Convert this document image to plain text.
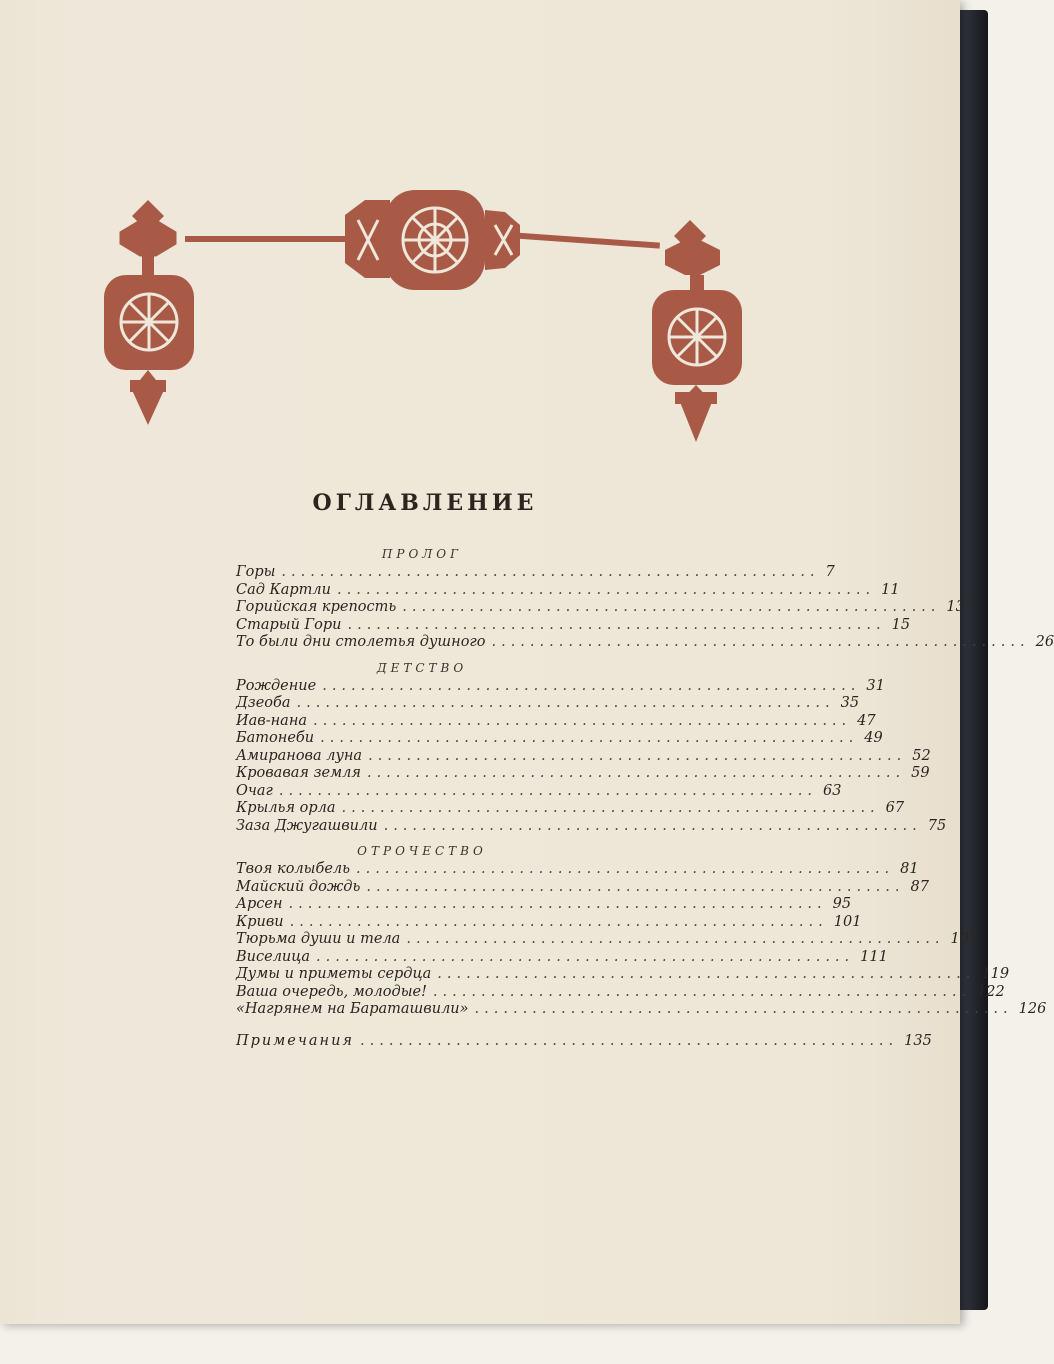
ОГЛАВЛЕНИЕ
ПРОЛОГ
Горы ........................................................ 7
Сад Картли ........................................................ 11
Горийская крепость ........................................................ 13
Старый Гори ........................................................ 15
То были дни столетья душного ........................................................ 26
ДЕТСТВО
Рождение ........................................................ 31
Дзеоба ........................................................ 35
Иав-нана ........................................................ 47
Батонеби ........................................................ 49
Амиранова луна ........................................................ 52
Кровавая земля ........................................................ 59
Очаг ........................................................ 63
Крылья орла ........................................................ 67
Заза Джугашвили ........................................................ 75
ОТРОЧЕСТВО
Твоя колыбель ........................................................ 81
Майский дождь ........................................................ 87
Арсен ........................................................ 95
Криви ........................................................ 101
Тюрьма души и тела ........................................................ 107
Виселица ........................................................ 111
Думы и приметы сердца ........................................................ 119
Ваша очередь, молодые! ........................................................ 122
«Нагрянем на Бараташвили» ........................................................ 126
Примечания ........................................................ 135
